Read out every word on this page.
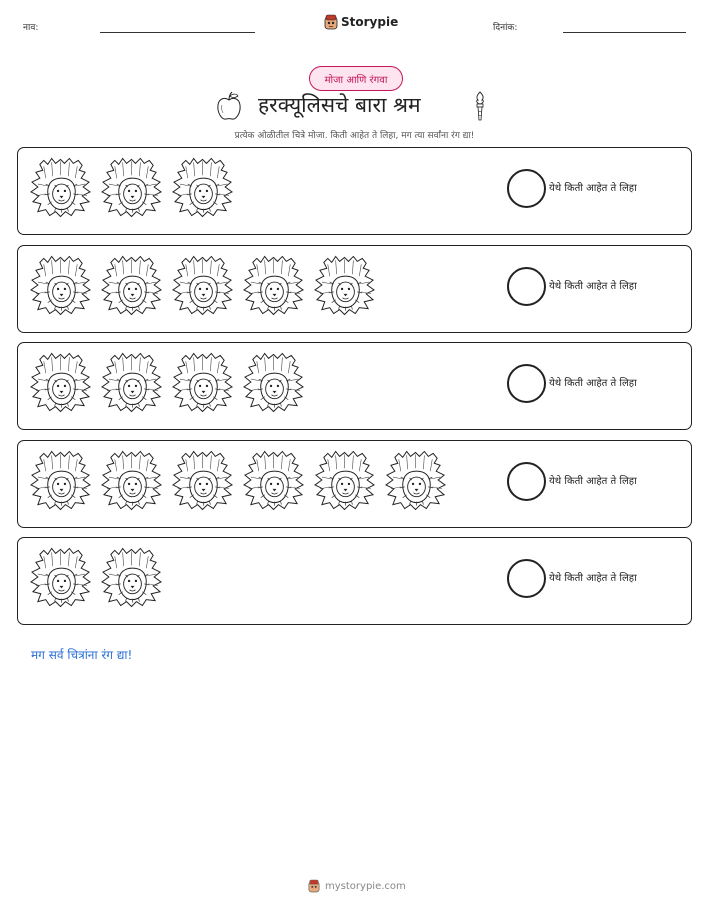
नाव:	Storypie	दिनांक:
मोजा आणि रंगवा
हरक्यूलिसचे बारा श्रम
प्रत्येक ओळीतील चित्रे मोजा. किती आहेत ते लिहा, मग त्या सर्वांना रंग द्या!
येथे किती आहेत ते लिहा
येथे किती आहेत ते लिहा
येथे किती आहेत ते लिहा
येथे किती आहेत ते लिहा
येथे किती आहेत ते लिहा
मग सर्व चित्रांना रंग द्या!
mystorypie.com
